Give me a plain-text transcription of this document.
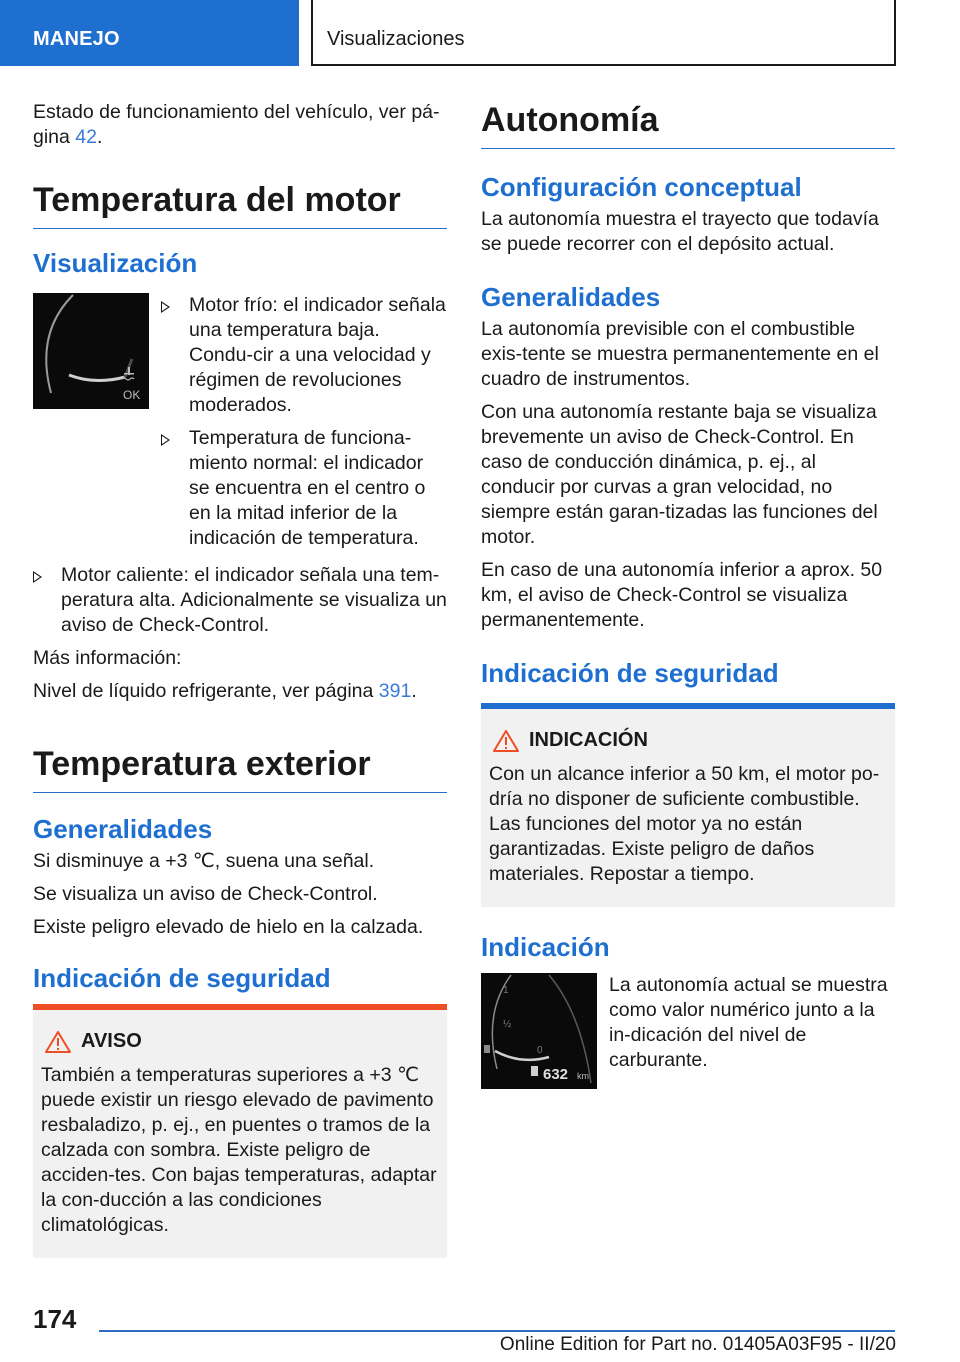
MANEJO	Visualizaciones

Estado de funcionamiento del vehículo, ver pá-gina 42.

Temperatura del motor
Visualización
OK
Motor frío: el indicador señala una temperatura baja. Condu-cir a una velocidad y régimen de revoluciones moderados.
Temperatura de funciona-miento normal: el indicador se encuentra en el centro o en la mitad inferior de la indicación de temperatura.
Motor caliente: el indicador señala una tem-peratura alta. Adicionalmente se visualiza un aviso de Check-Control.

Más información:

Nivel de líquido refrigerante, ver página 391.

Temperatura exterior
Generalidades

Si disminuye a +3 ℃, suena una señal.

Se visualiza un aviso de Check-Control.

Existe peligro elevado de hielo en la calzada.

Indicación de seguridad
AVISO

También a temperaturas superiores a +3 ℃ puede existir un riesgo elevado de pavimento resbaladizo, p. ej., en puentes o tramos de la calzada con sombra. Existe peligro de acciden-tes. Con bajas temperaturas, adaptar la con-ducción a las condiciones climatológicas.

Autonomía
Configuración conceptual

La autonomía muestra el trayecto que todavía se puede recorrer con el depósito actual.

Generalidades

La autonomía previsible con el combustible exis-tente se muestra permanentemente en el cuadro de instrumentos.

Con una autonomía restante baja se visualiza brevemente un aviso de Check-Control. En caso de conducción dinámica, p. ej., al conducir por curvas a gran velocidad, no siempre están garan-tizadas las funciones del motor.

En caso de una autonomía inferior a aprox. 50 km, el aviso de Check-Control se visualiza permanentemente.

Indicación de seguridad
INDICACIÓN

Con un alcance inferior a 50 km, el motor po-dría no disponer de suficiente combustible. Las funciones del motor ya no están garantizadas. Existe peligro de daños materiales. Repostar a tiempo.

Indicación
1
½
0
632 km

La autonomía actual se muestra como valor numérico junto a la in-dicación del nivel de carburante.

174
Online Edition for Part no. 01405A03F95 - II/20
